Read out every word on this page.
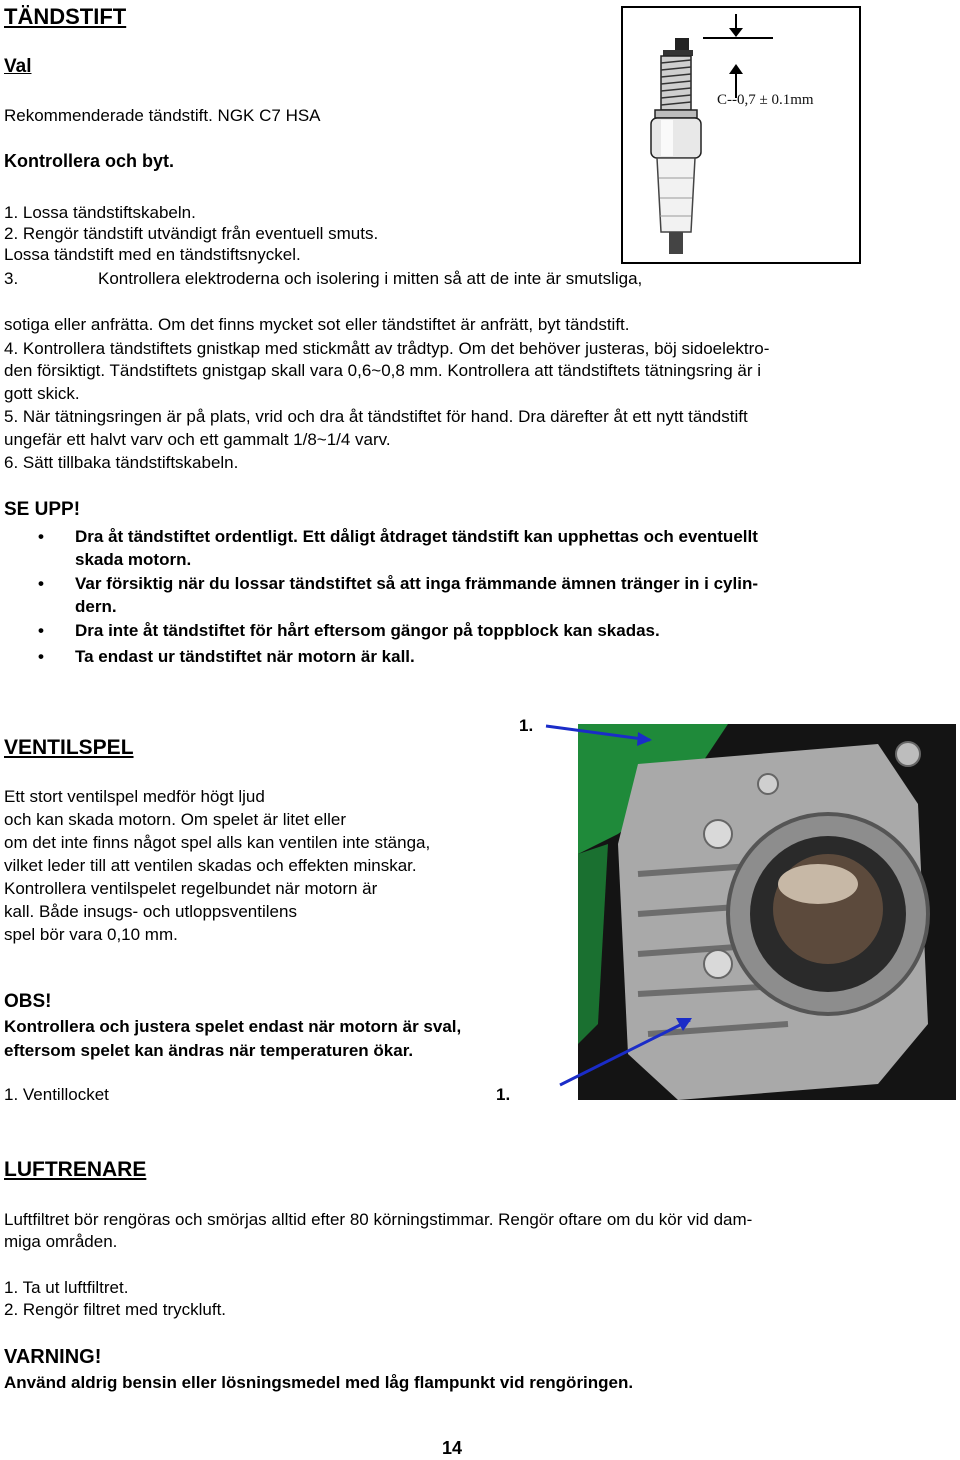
TÄNDSTIFT
Val
Rekommenderade tändstift. NGK C7 HSA
Kontrollera och byt.
1. Lossa tändstiftskabeln.
2. Rengör tändstift utvändigt från eventuell smuts.
Lossa tändstift med en tändstiftsnyckel.
3.	Kontrollera elektroderna och isolering i mitten så att de inte är smutsliga,
sotiga eller anfrätta. Om det finns mycket sot eller tändstiftet är anfrätt, byt tändstift.
4. Kontrollera tändstiftets gnistkap med stickmått av trådtyp. Om det behöver justeras, böj sidoelektro-
den försiktigt. Tändstiftets gnistgap skall vara 0,6~0,8 mm. Kontrollera att tändstiftets tätningsring är i
gott skick.
5. När tätningsringen är på plats, vrid och dra åt tändstiftet för hand. Dra därefter åt ett nytt tändstift
ungefär ett halvt varv och ett gammalt 1/8~1/4 varv.
6. Sätt tillbaka tändstiftskabeln.
C--0,7 ± 0.1mm
SE UPP!
• Dra åt tändstiftet ordentligt. Ett dåligt åtdraget tändstift kan upphettas och eventuellt
skada motorn.
• Var försiktig när du lossar tändstiftet så att inga främmande ämnen tränger in i cylin-
dern.
• Dra inte åt tändstiftet för hårt eftersom gängor på toppblock kan skadas.
• Ta endast ur tändstiftet när motorn är kall.
VENTILSPEL
1.
Ett stort ventilspel medför högt ljud
och kan skada motorn. Om spelet är litet eller
om det inte finns något spel alls kan ventilen inte stänga,
vilket leder till att ventilen skadas och effekten minskar.
Kontrollera ventilspelet regelbundet när motorn är
kall. Både insugs- och utloppsventilens
spel bör vara 0,10 mm.
OBS!
Kontrollera och justera spelet endast när motorn är sval,
eftersom spelet kan ändras när temperaturen ökar.
1. Ventillocket	1.
LUFTRENARE
Luftfiltret bör rengöras och smörjas alltid efter 80 körningstimmar. Rengör oftare om du kör vid dam-
miga områden.
1. Ta ut luftfiltret.
2. Rengör filtret med tryckluft.
VARNING!
Använd aldrig bensin eller lösningsmedel med låg flampunkt vid rengöringen.
14
